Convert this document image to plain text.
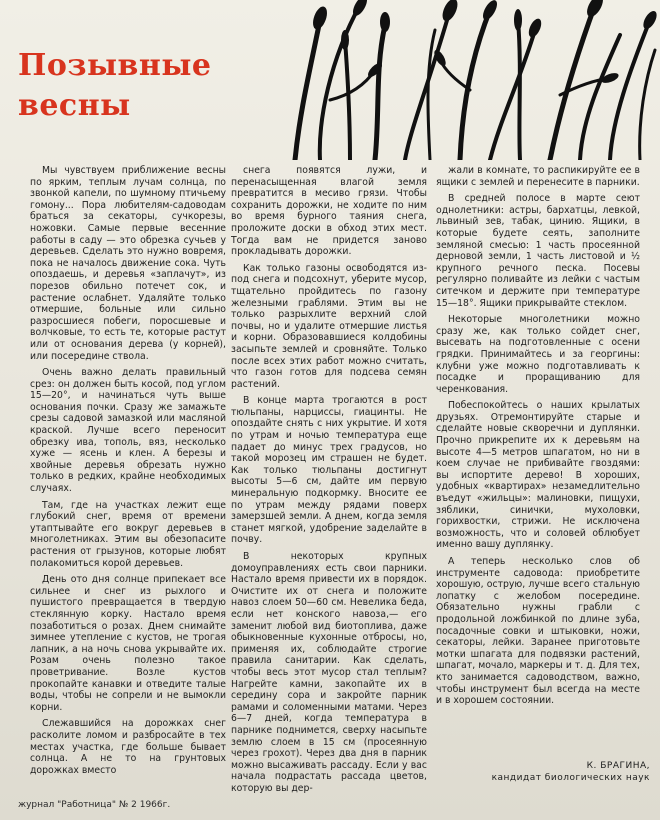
Позывные
весны

Мы чувствуем приближение весны по ярким, теплым лучам солнца, по звонкой капели, по шумному птичьему гомону... Пора любителям-садоводам браться за секаторы, сучкорезы, ножовки. Самые первые весенние работы в саду — это обрезка сучьев у деревьев. Сделать это нужно вовремя, пока не началось движение сока. Чуть опоздаешь, и деревья «заплачут», из порезов обильно потечет сок, и растение ослабнет. Удаляйте только отмершие, больные или сильно разросшиеся побеги, поросшевые и волчковые, то есть те, которые растут или от основания дерева (у корней), или посередине ствола.

Очень важно делать правильный срез: он должен быть косой, под углом 15—20°, и начинаться чуть выше основания почки. Сразу же замажьте срезы садовой замазкой или масляной краской. Лучше всего переносит обрезку ива, тополь, вяз, несколько хуже — ясень и клен. А березы и хвойные деревья обрезать нужно только в редких, крайне необходимых случаях.

Там, где на участках лежит еще глубокий снег, время от времени утаптывайте его вокруг деревьев в многолетниках. Этим вы обезопасите растения от грызунов, которые любят полакомиться корой деревьев.

День ото дня солнце припекает все сильнее и снег из рыхлого и пушистого превращается в твердую стеклянную корку. Настало время позаботиться о розах. Днем снимайте зимнее утепление с кустов, не трогая лапник, а на ночь снова укрывайте их. Розам очень полезно такое проветривание. Возле кустов прокопайте канавки и отведите талые воды, чтобы не сопрели и не вымокли корни.

Слежавшийся на дорожках снег расколите ломом и разбросайте в тех местах участка, где больше бывает солнца. А не то на грунтовых дорожках вместо

снега появятся лужи, и перенасыщенная влагой земля превратится в месиво грязи. Чтобы сохранить дорожки, не ходите по ним во время бурного таяния снега, проложите доски в обход этих мест. Тогда вам не придется заново прокладывать дорожки.

Как только газоны освободятся из-под снега и подсохнут, уберите мусор, тщательно пройдитесь по газону железными граблями. Этим вы не только разрыхлите верхний слой почвы, но и удалите отмершие листья и корни. Образовавшиеся колдобины засыпьте землей и сровняйте. Только после всех этих работ можно считать, что газон готов для подсева семян растений.

В конце марта трогаются в рост тюльпаны, нарциссы, гиацинты. Не опоздайте снять с них укрытие. И хотя по утрам и ночью температура еще падает до минус трех градусов, но такой морозец им страшен не будет. Как только тюльпаны достигнут высоты 5—6 см, дайте им первую минеральную подкормку. Вносите ее по утрам между рядами поверх замерзшей земли. А днем, когда земля станет мягкой, удобрение заделайте в почву.

В некоторых крупных домоуправлениях есть свои парники. Настало время привести их в порядок. Очистите их от снега и положите навоз слоем 50—60 см. Невелика беда, если нет конского навоза,— его заменит любой вид биотоплива, даже обыкновенные кухонные отбросы, но, применяя их, соблюдайте строгие правила санитарии. Как сделать, чтобы весь этот мусор стал теплым? Нагрейте камни, закопайте их в середину сора и закройте парник рамами и соломенными матами. Через 6—7 дней, когда температура в парнике поднимется, сверху насыпьте землю слоем в 15 см (просеянную через грохот). Через два дня в парник можно высаживать рассаду. Если у вас начала подрастать рассада цветов, которую вы дер-

жали в комнате, то распикируйте ее в ящики с землей и перенесите в парники.

В средней полосе в марте сеют однолетники: астры, бархатцы, левкой, львиный зев, табак, цинию. Ящики, в которые будете сеять, заполните земляной смесью: 1 часть просеянной дерновой земли, 1 часть листовой и ½ крупного речного песка. Посевы регулярно поливайте из лейки с частым ситечком и держите при температуре 15—18°. Ящики прикрывайте стеклом.

Некоторые многолетники можно сразу же, как только сойдет снег, высевать на подготовленные с осени грядки. Принимайтесь и за георгины: клубни уже можно подготавливать к посадке и проращиванию для черенкования.

Побеспокойтесь о наших крылатых друзьях. Отремонтируйте старые и сделайте новые скворечни и дуплянки. Прочно прикрепите их к деревьям на высоте 4—5 метров шпагатом, но ни в коем случае не прибивайте гвоздями: вы испортите дерево! В хороших, удобных «квартирах» незамедлительно въедут «жильцы»: малиновки, пищухи, зяблики, синички, мухоловки, горихвостки, стрижи. Не исключена возможность, что и соловей облюбует именно вашу дуплянку.

А теперь несколько слов об инструменте садовода: приобретите хорошую, острую, лучше всего стальную лопатку с желобом посередине. Обязательно нужны грабли с продольной ложбинкой по длине зуба, посадочные совки и штыковки, ножи, секаторы, лейки. Заранее приготовьте мотки шпагата для подвязки растений, шпагат, мочало, маркеры и т. д. Для тех, кто занимается садоводством, важно, чтобы инструмент был всегда на месте и в хорошем состоянии.

К. БРАГИНА,
кандидат биологических наук
журнал "Работница" № 2 1966г.
